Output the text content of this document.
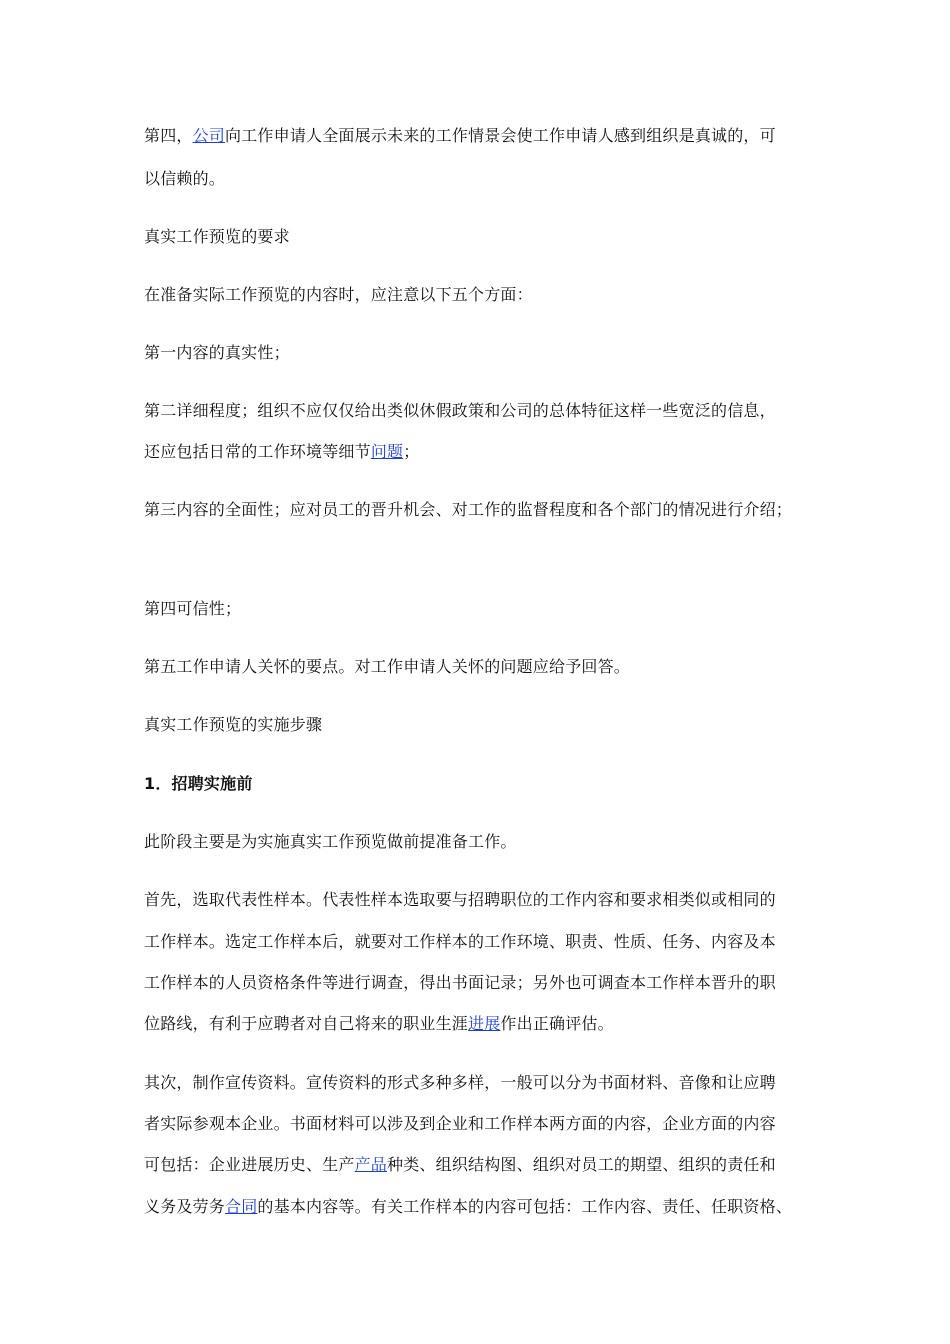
第四，公司向工作申请人全面展示未来的工作情景会使工作申请人感到组织是真诚的，可
以信赖的。
真实工作预览的要求
在准备实际工作预览的内容时，应注意以下五个方面：
第一内容的真实性；
第二详细程度；组织不应仅仅给出类似休假政策和公司的总体特征这样一些宽泛的信息，
还应包括日常的工作环境等细节问题；
第三内容的全面性；应对员工的晋升机会、对工作的监督程度和各个部门的情况进行介绍；
第四可信性；
第五工作申请人关怀的要点。对工作申请人关怀的问题应给予回答。
真实工作预览的实施步骤
1．招聘实施前
此阶段主要是为实施真实工作预览做前提准备工作。
首先，选取代表性样本。代表性样本选取要与招聘职位的工作内容和要求相类似或相同的
工作样本。选定工作样本后，就要对工作样本的工作环境、职责、性质、任务、内容及本
工作样本的人员资格条件等进行调查，得出书面记录；另外也可调查本工作样本晋升的职
位路线，有利于应聘者对自己将来的职业生涯进展作出正确评估。
其次，制作宣传资料。宣传资料的形式多种多样，一般可以分为书面材料、音像和让应聘
者实际参观本企业。书面材料可以涉及到企业和工作样本两方面的内容，企业方面的内容
可包括：企业进展历史、生产产品种类、组织结构图、组织对员工的期望、组织的责任和
义务及劳务合同的基本内容等。有关工作样本的内容可包括：工作内容、责任、任职资格、
